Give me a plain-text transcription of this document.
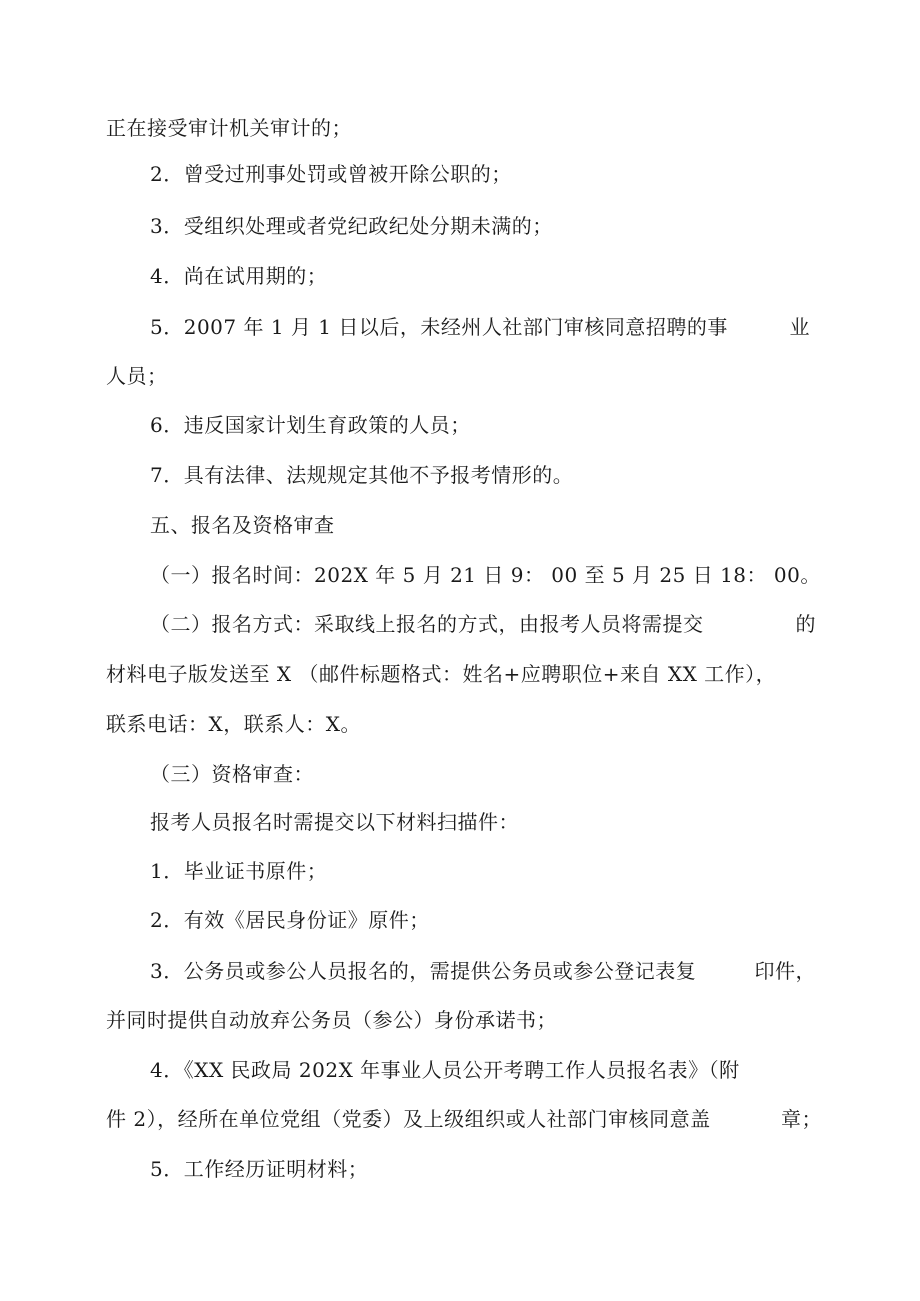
正在接受审计机关审计的；
2．曾受过刑事处罚或曾被开除公职的；
3．受组织处理或者党纪政纪处分期未满的；
4．尚在试用期的；
5．2007 年 1 月 1 日以后，未经州人社部门审核同意招聘的事	业
人员；
6．违反国家计划生育政策的人员；
7．具有法律、法规规定其他不予报考情形的。
五、报名及资格审查
（一）报名时间：202X 年 5 月 21 日 9： 00 至 5 月 25 日 18： 00。
（二）报名方式：采取线上报名的方式，由报考人员将需提交	的
材料电子版发送至 X （邮件标题格式：姓名+应聘职位+来自 XX 工作），
联系电话：X，联系人：X。
（三）资格审查：
报考人员报名时需提交以下材料扫描件：
1．毕业证书原件；
2．有效《居民身份证》原件；
3．公务员或参公人员报名的，需提供公务员或参公登记表复	印件，
并同时提供自动放弃公务员（参公）身份承诺书；
4．《XX 民政局 202X 年事业人员公开考聘工作人员报名表》（附
件 2），经所在单位党组（党委）及上级组织或人社部门审核同意盖	章；
5．工作经历证明材料；
